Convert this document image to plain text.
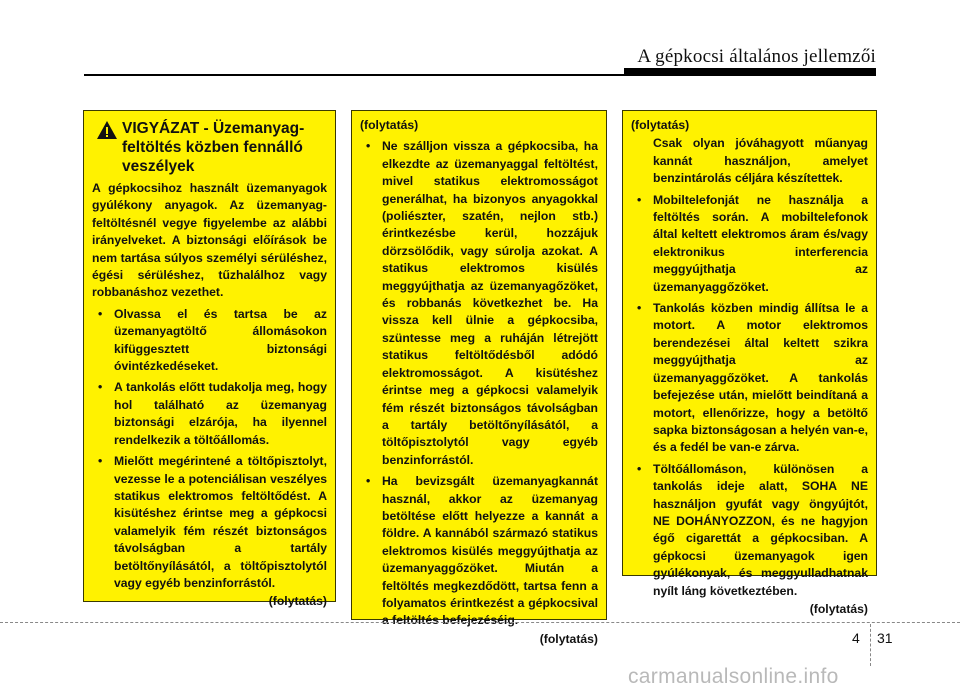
A gépkocsi általános jellemzői
VIGYÁZAT - Üzemanyag-feltöltés közben fennálló veszélyek
A gépkocsihoz használt üzemanyagok gyúlékony anyagok. Az üzemanyag-feltöltésnél vegye figyelembe az alábbi irányelveket. A biztonsági előírások be nem tartása súlyos személyi sérüléshez, égési sérüléshez, tűzhalálhoz vagy robbanáshoz vezethet.
• Olvassa el és tartsa be az üzemanyagtöltő állomásokon kifüggesztett biztonsági óvintézkedéseket.
• A tankolás előtt tudakolja meg, hogy hol található az üzemanyag biztonsági elzárója, ha ilyennel rendelkezik a töltőállomás.
• Mielőtt megérintené a töltőpisztolyt, vezesse le a potenciálisan veszélyes statikus elektromos feltöltődést. A kisütéshez érintse meg a gépkocsi valamelyik fém részét biztonságos távolságban a tartály betöltőnyílásától, a töltőpisztolytól vagy egyéb benzinforrástól.
(folytatás)
(folytatás)
• Ne szálljon vissza a gépkocsiba, ha elkezdte az üzemanyaggal feltöltést, mivel statikus elektromosságot generálhat, ha bizonyos anyagokkal (poliészter, szatén, nejlon stb.) érintkezésbe kerül, hozzájuk dörzsölődik, vagy súrolja azokat. A statikus elektromos kisülés meggyújthatja az üzemanyagőzöket, és robbanás következhet be. Ha vissza kell ülnie a gépkocsiba, szüntesse meg a ruháján létrejött statikus feltöltődésből adódó elektromosságot. A kisütéshez érintse meg a gépkocsi valamelyik fém részét biztonságos távolságban a tartály betöltőnyílásától, a töltőpisztolytól vagy egyéb benzinforrástól.
• Ha bevizsgált üzemanyagkannát használ, akkor az üzemanyag betöltése előtt helyezze a kannát a földre. A kannából származó statikus elektromos kisülés meggyújthatja az üzemanyaggőzöket. Miután a feltöltés megkezdődött, tartsa fenn a folyamatos érintkezést a gépkocsival a feltöltés befejezéséig.
(folytatás)
(folytatás)
Csak olyan jóváhagyott műanyag kannát használjon, amelyet benzintárolás céljára készítettek.
• Mobiltelefonját ne használja a feltöltés során. A mobiltelefonok által keltett elektromos áram és/vagy elektronikus interferencia meggyújthatja az üzemanyaggőzöket.
• Tankolás közben mindig állítsa le a motort. A motor elektromos berendezései által keltett szikra meggyújthatja az üzemanyaggőzöket. A tankolás befejezése után, mielőtt beindítaná a motort, ellenőrizze, hogy a betöltő sapka biztonságosan a helyén van-e, és a fedél be van-e zárva.
• Töltőállomáson, különösen a tankolás ideje alatt, SOHA NE használjon gyufát vagy öngyújtót, NE DOHÁNYOZZON, és ne hagyjon égő cigarettát a gépkocsiban. A gépkocsi üzemanyagok igen gyúlékonyak, és meggyulladhatnak nyílt láng következtében.
(folytatás)
4 31
carmanualsonline.info
